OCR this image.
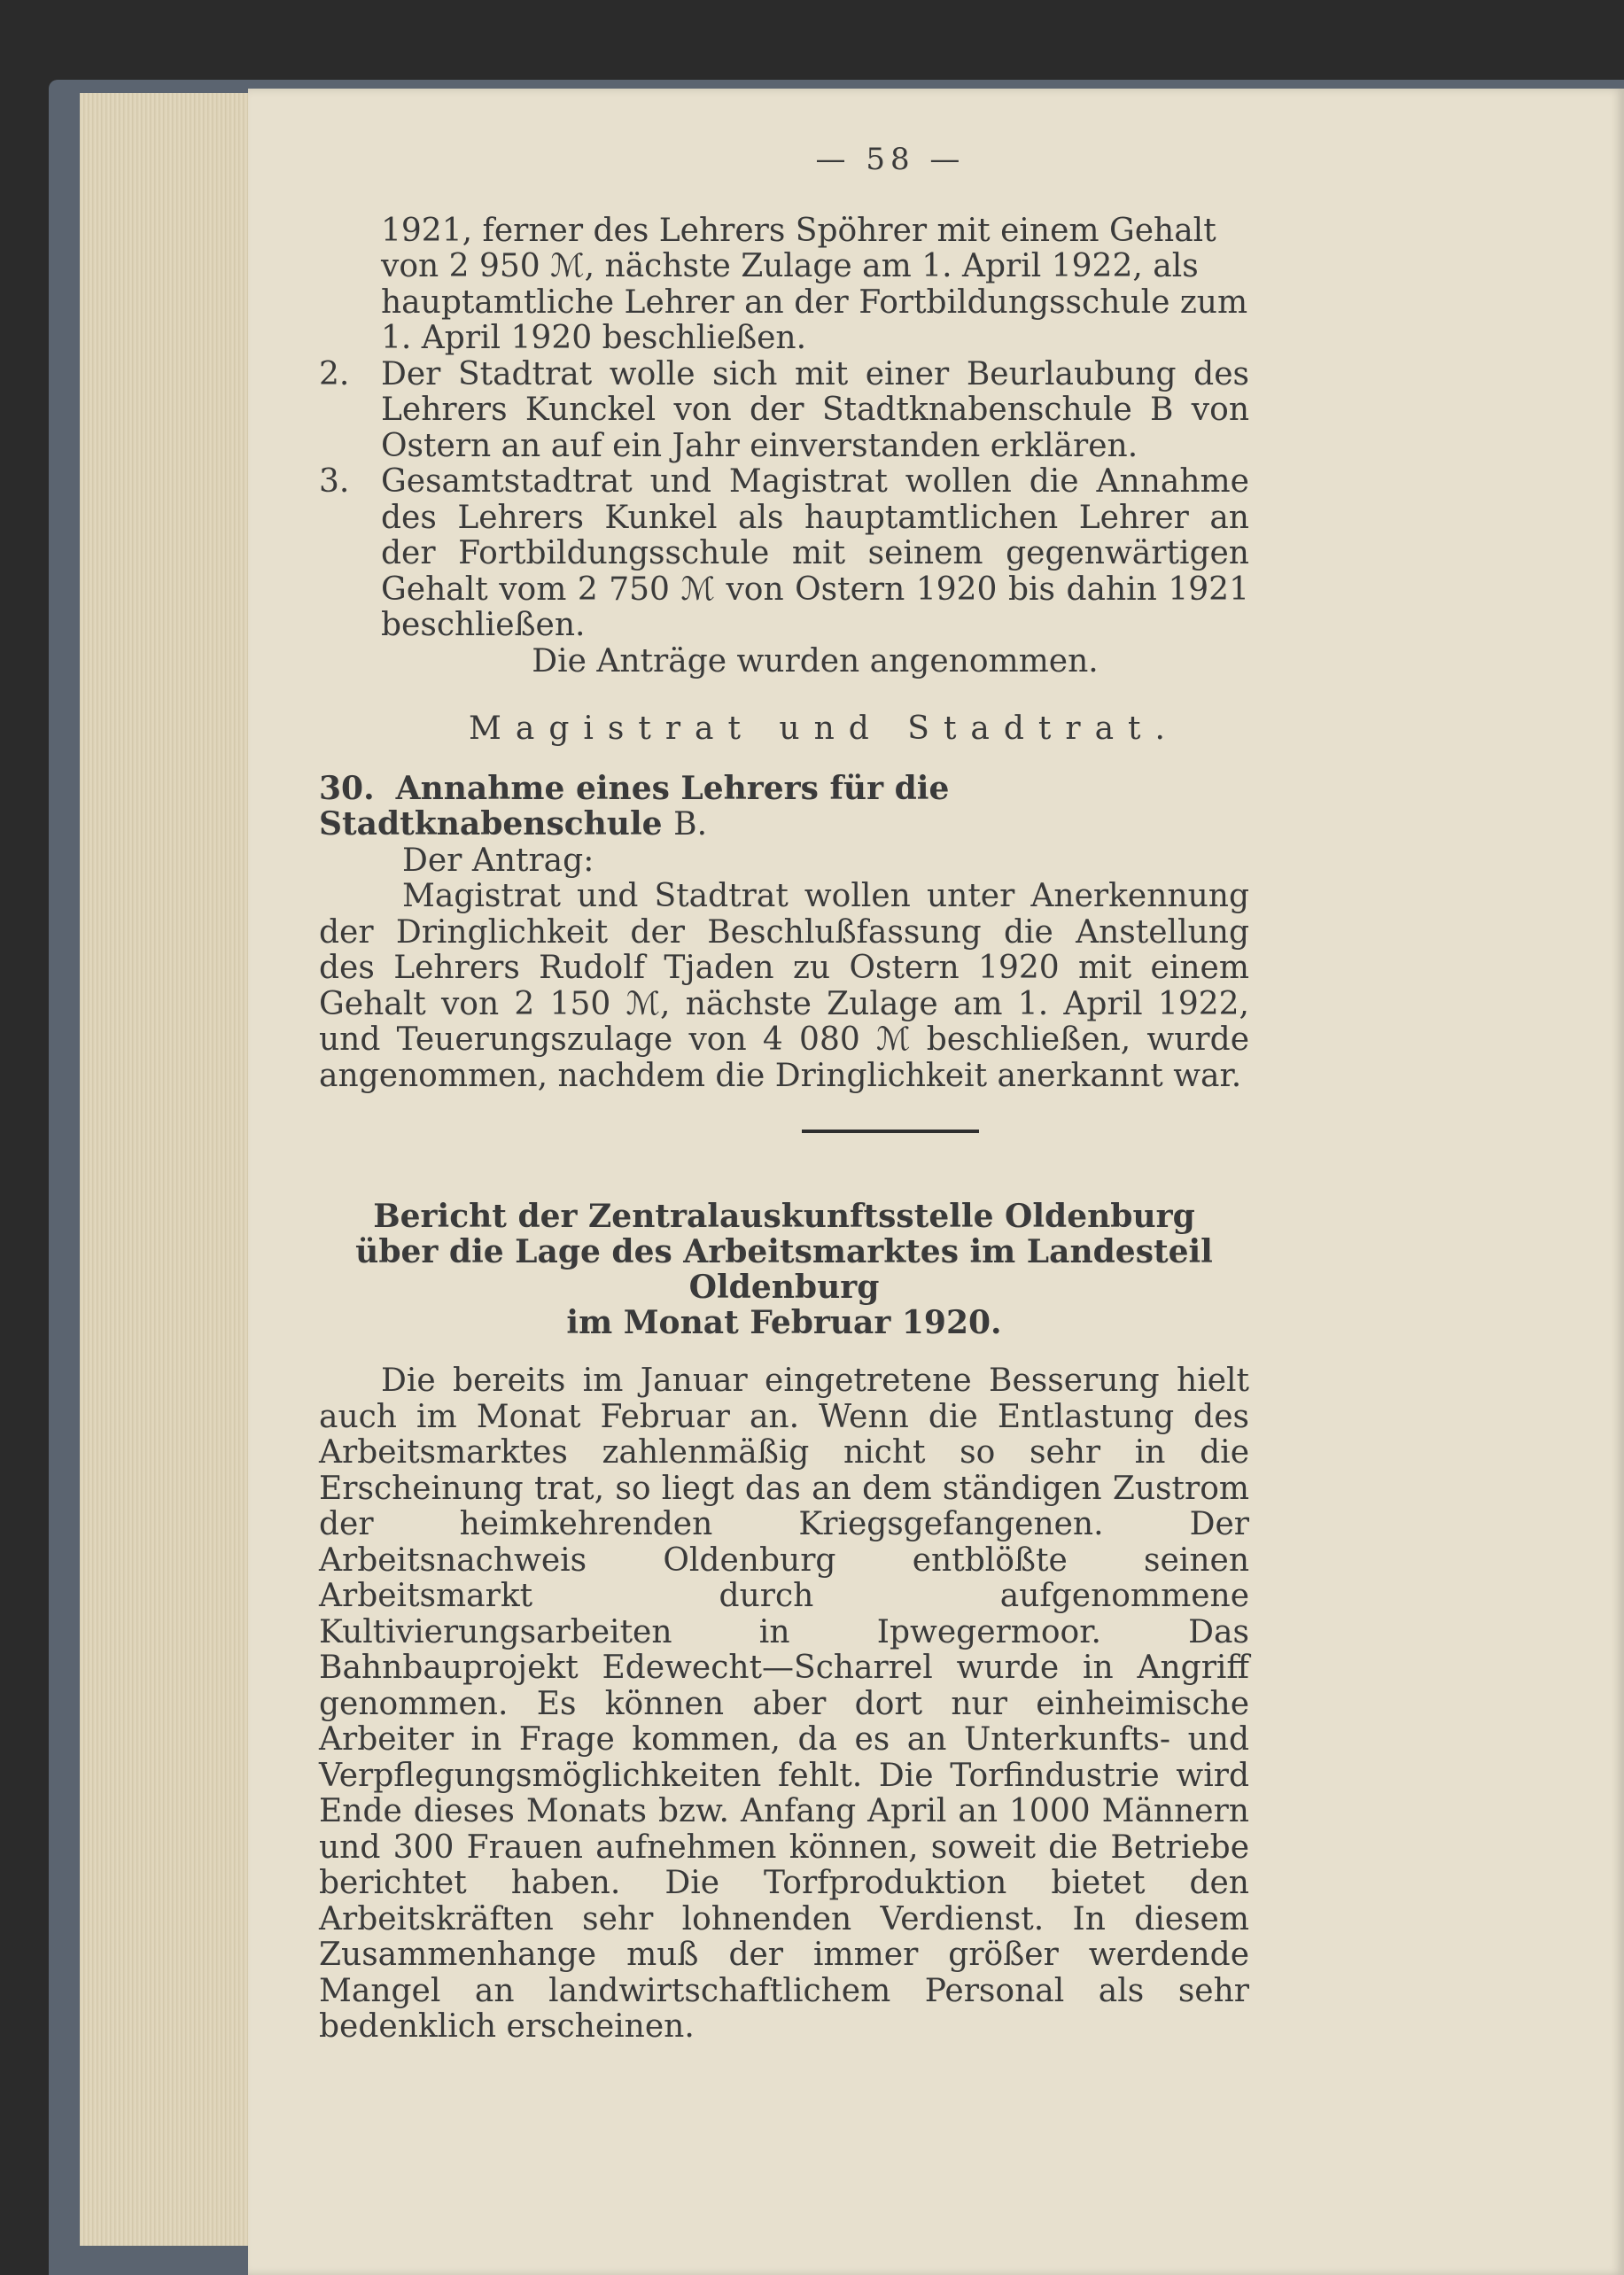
— 58 —

1921, ferner des Lehrers Spöhrer mit einem Gehalt

von 2 950 ℳ, nächste Zulage am 1. April 1922, als

hauptamtliche Lehrer an der Fortbildungsschule zum

1. April 1920 beschließen.

2. Der Stadtrat wolle sich mit einer Beurlaubung des Lehrers Kunckel von der Stadtknabenschule B von Ostern an auf ein Jahr einverstanden erklären.
3. Gesamtstadtrat und Magistrat wollen die Annahme des Lehrers Kunkel als hauptamtlichen Lehrer an der Fortbildungsschule mit seinem gegenwärtigen Gehalt vom 2 750 ℳ von Ostern 1920 bis dahin 1921 beschließen.

Die Anträge wurden angenommen.

Magistrat und Stadtrat.

30. Annahme eines Lehrers für die Stadtknabenschule B.

Der Antrag:

Magistrat und Stadtrat wollen unter Anerkennung der Dringlichkeit der Beschlußfassung die Anstellung des Lehrers Rudolf Tjaden zu Ostern 1920 mit einem Gehalt von 2 150 ℳ, nächste Zulage am 1. April 1922, und Teuerungszulage von 4 080 ℳ beschließen, wurde angenommen, nachdem die Dringlichkeit anerkannt war.

Bericht der Zentralauskunftsstelle Oldenburg
über die Lage des Arbeitsmarktes im Landesteil Oldenburg
im Monat Februar 1920.

Die bereits im Januar eingetretene Besserung hielt auch im Monat Februar an. Wenn die Entlastung des Arbeitsmarktes zahlenmäßig nicht so sehr in die Erscheinung trat, so liegt das an dem ständigen Zustrom der heimkehrenden Kriegsgefangenen. Der Arbeitsnachweis Oldenburg entblößte seinen Arbeitsmarkt durch aufgenommene Kultivierungsarbeiten in Ipwegermoor. Das Bahnbauprojekt Edewecht—Scharrel wurde in Angriff genommen. Es können aber dort nur einheimische Arbeiter in Frage kommen, da es an Unterkunfts- und Verpflegungsmöglichkeiten fehlt. Die Torfindustrie wird Ende dieses Monats bzw. Anfang April an 1000 Männern und 300 Frauen aufnehmen können, soweit die Betriebe berichtet haben. Die Torfproduktion bietet den Arbeitskräften sehr lohnenden Verdienst. In diesem Zusammenhange muß der immer größer werdende Mangel an landwirtschaftlichem Personal als sehr bedenklich erscheinen.
